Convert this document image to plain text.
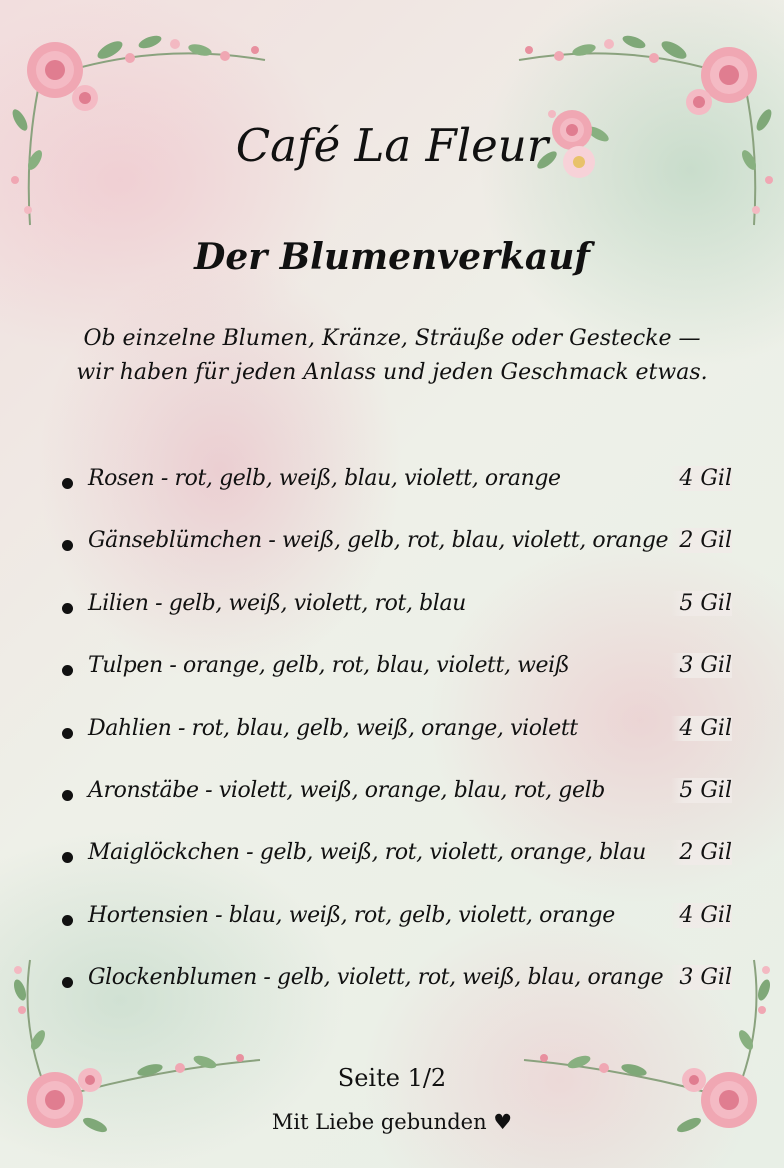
Café La Fleur
Der Blumenverkauf
Ob einzelne Blumen, Kränze, Sträuße oder Gestecke —
wir haben für jeden Anlass und jeden Geschmack etwas.
Rosen - rot, gelb, weiß, blau, violett, orange	4 Gil
Gänseblümchen - weiß, gelb, rot, blau, violett, orange 2 Gil
Lilien - gelb, weiß, violett, rot, blau	5 Gil
Tulpen - orange, gelb, rot, blau, violett, weiß	3 Gil
Dahlien - rot, blau, gelb, weiß, orange, violett	4 Gil
Aronstäbe - violett, weiß, orange, blau, rot, gelb	5 Gil
Maiglöckchen - gelb, weiß, rot, violett, orange, blau	2 Gil
Hortensien - blau, weiß, rot, gelb, violett, orange	4 Gil
Glockenblumen - gelb, violett, rot, weiß, blau, orange 3 Gil
Seite 1/2
Mit Liebe gebunden ♥
